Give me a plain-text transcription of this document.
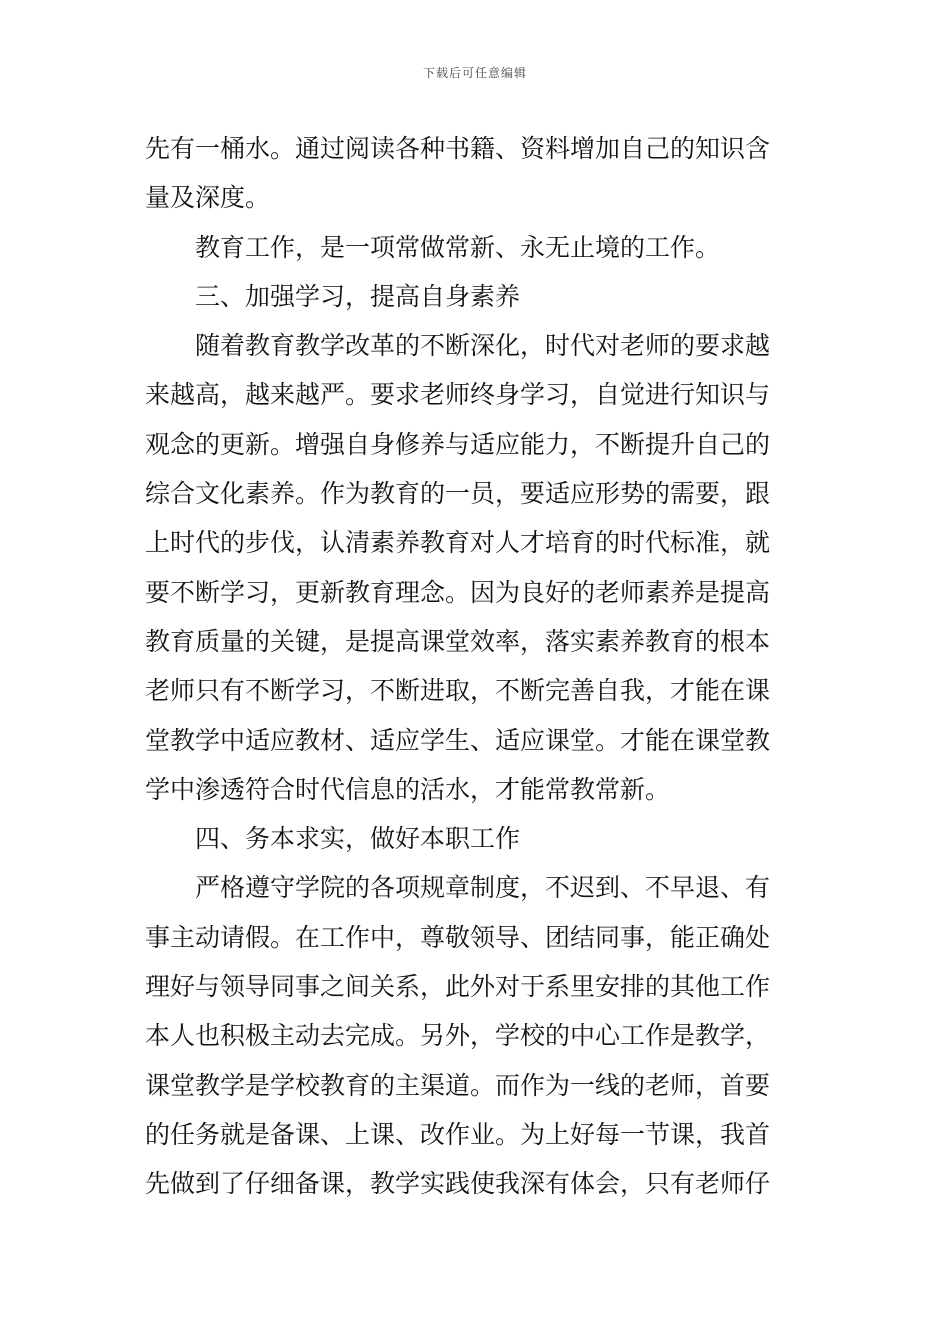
下载后可任意编辑
先有一桶水。通过阅读各种书籍、资料增加自己的知识含
量及深度。
教育工作，是一项常做常新、永无止境的工作。
三、加强学习，提高自身素养
随着教育教学改革的不断深化，时代对老师的要求越
来越高，越来越严。要求老师终身学习，自觉进行知识与
观念的更新。增强自身修养与适应能力，不断提升自己的
综合文化素养。作为教育的一员，要适应形势的需要，跟
上时代的步伐，认清素养教育对人才培育的时代标准，就
要不断学习，更新教育理念。因为良好的老师素养是提高
教育质量的关键，是提高课堂效率，落实素养教育的根本
老师只有不断学习，不断进取，不断完善自我，才能在课
堂教学中适应教材、适应学生、适应课堂。才能在课堂教
学中渗透符合时代信息的活水，才能常教常新。
四、务本求实，做好本职工作
严格遵守学院的各项规章制度，不迟到、不早退、有
事主动请假。在工作中，尊敬领导、团结同事，能正确处
理好与领导同事之间关系，此外对于系里安排的其他工作
本人也积极主动去完成。另外，学校的中心工作是教学，
课堂教学是学校教育的主渠道。而作为一线的老师，首要
的任务就是备课、上课、改作业。为上好每一节课，我首
先做到了仔细备课，教学实践使我深有体会，只有老师仔
